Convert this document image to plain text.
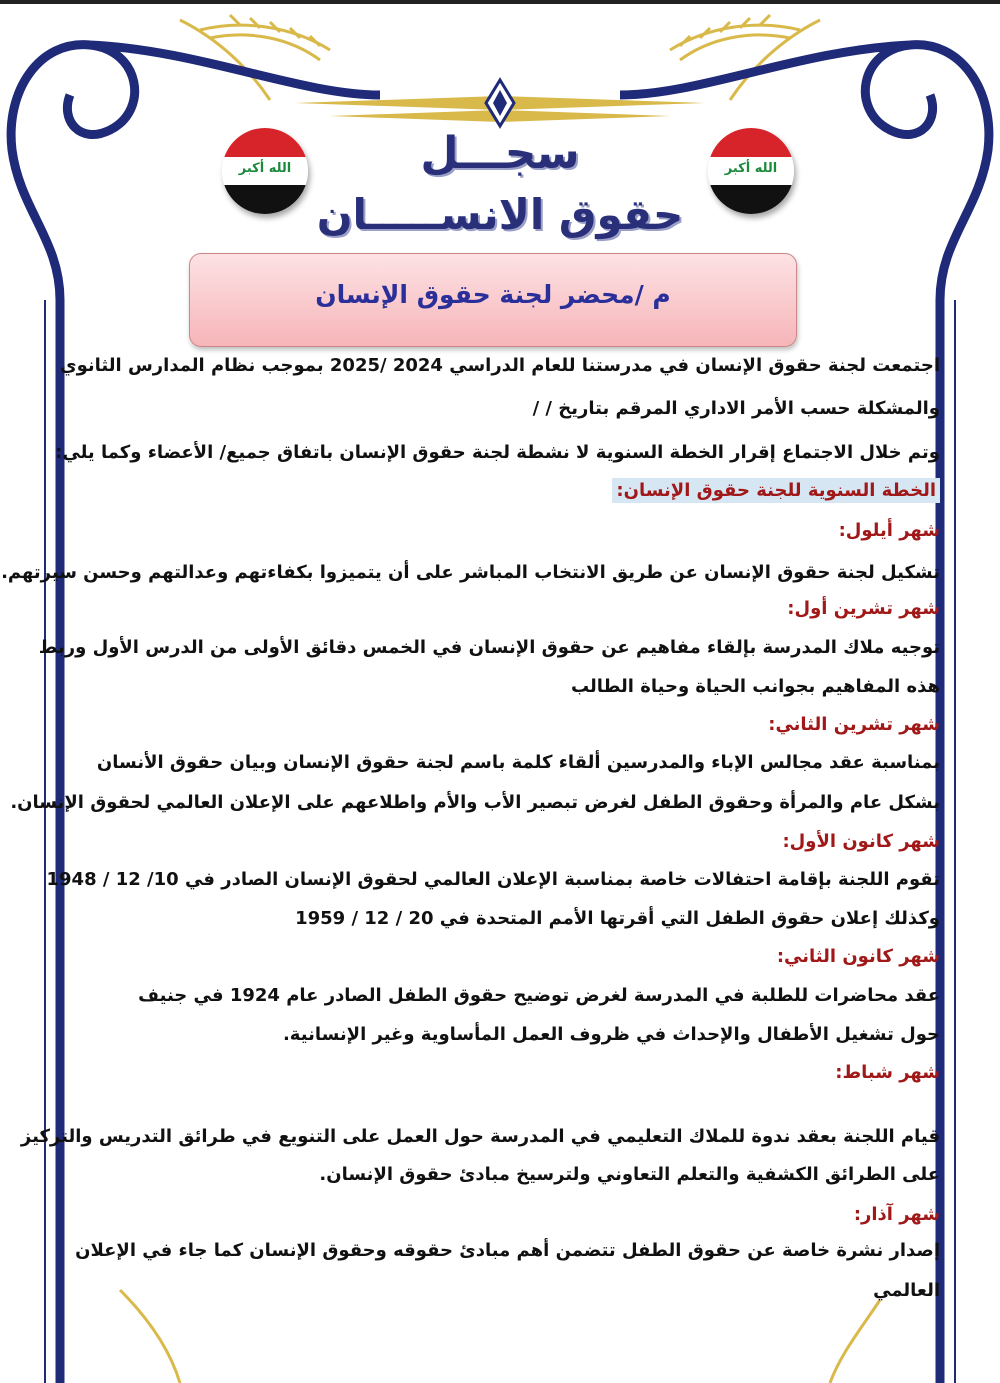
الله أكبر	الله أكبر
سجـــل
حقوق الانســـــان
م /محضر لجنة حقوق الإنسان
اجتمعت لجنة حقوق الإنسان في مدرستنا للعام الدراسي 2024 /2025 بموجب نظام المدارس الثانوي
والمشكلة حسب الأمر الاداري المرقم بتاريخ / /
وتم خلال الاجتماع إقرار الخطة السنوية لا نشطة لجنة حقوق الإنسان باتفاق جميع/ الأعضاء وكما يلي:
الخطة السنوية للجنة حقوق الإنسان:
شهر أيلول:
تشكيل لجنة حقوق الإنسان عن طريق الانتخاب المباشر على أن يتميزوا بكفاءتهم وعدالتهم وحسن سيرتهم.
شهر تشرين أول:
توجيه ملاك المدرسة بإلقاء مفاهيم عن حقوق الإنسان في الخمس دقائق الأولى من الدرس الأول وربط
هذه المفاهيم بجوانب الحياة وحياة الطالب
شهر تشرين الثاني:
بمناسبة عقد مجالس الإباء والمدرسين ألقاء كلمة باسم لجنة حقوق الإنسان وبيان حقوق الأنسان
بشكل عام والمرأة وحقوق الطفل لغرض تبصير الأب والأم واطلاعهم على الإعلان العالمي لحقوق الإنسان.
شهر كانون الأول:
تقوم اللجنة بإقامة احتفالات خاصة بمناسبة الإعلان العالمي لحقوق الإنسان الصادر في 10/ 12 / 1948
وكذلك إعلان حقوق الطفل التي أقرتها الأمم المتحدة في 20 / 12 / 1959
شهر كانون الثاني:
عقد محاضرات للطلبة في المدرسة لغرض توضيح حقوق الطفل الصادر عام 1924 في جنيف
حول تشغيل الأطفال والإحداث في ظروف العمل المأساوية وغير الإنسانية.
شهر شباط:
قيام اللجنة بعقد ندوة للملاك التعليمي في المدرسة حول العمل على التنويع في طرائق التدريس والتركيز
على الطرائق الكشفية والتعلم التعاوني ولترسيخ مبادئ حقوق الإنسان.
شهر آذار:
إصدار نشرة خاصة عن حقوق الطفل تتضمن أهم مبادئ حقوقه وحقوق الإنسان كما جاء في الإعلان
العالمي
